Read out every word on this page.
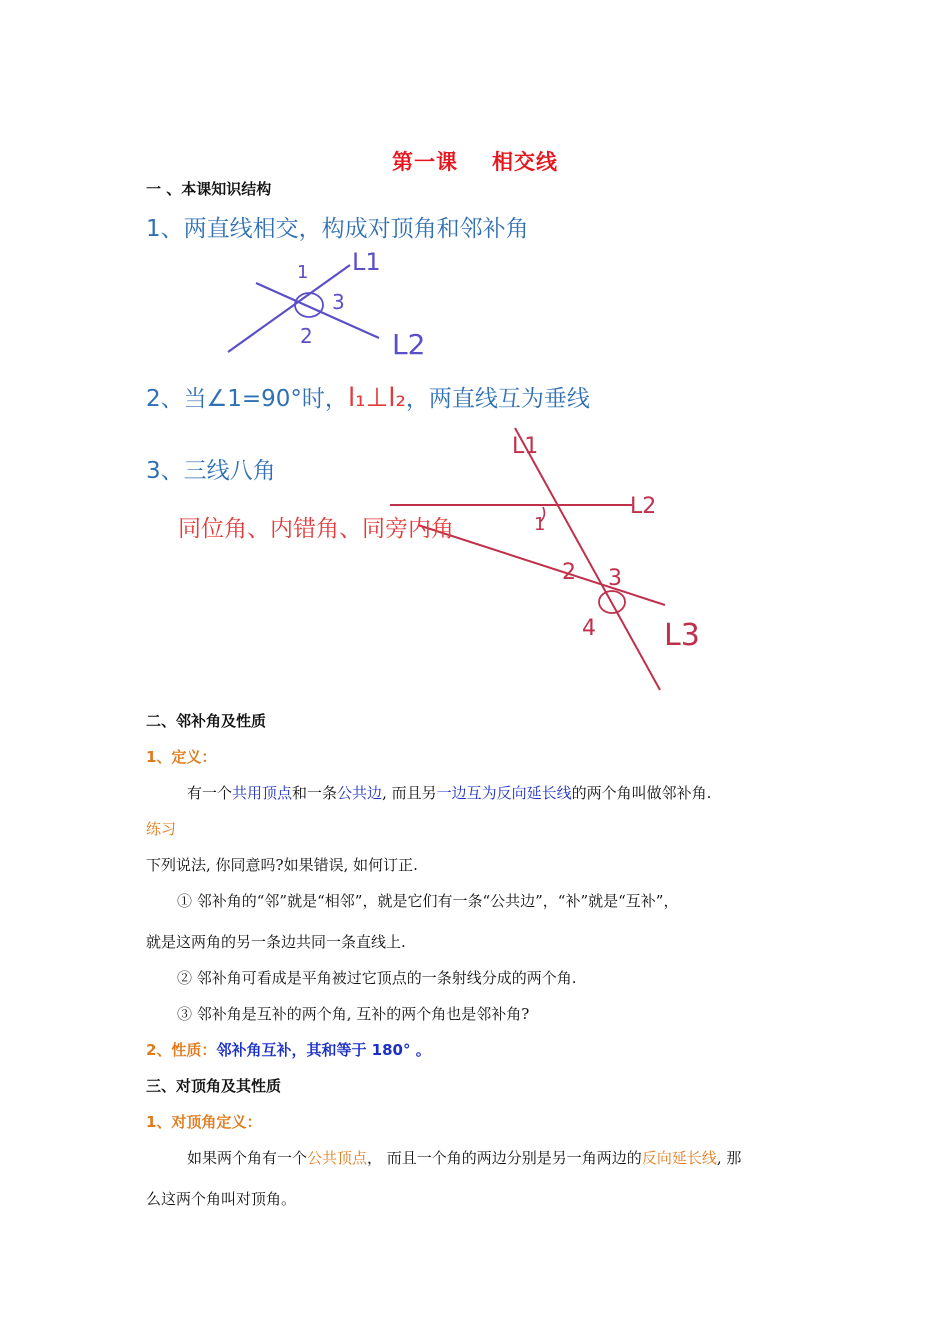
第一课 相交线
一 、本课知识结构
1、两直线相交，构成对顶角和邻补角
1
2
3
L1
L2
2、当∠1=90°时，l₁⊥l₂，两直线互为垂线
3、三线八角
同位角、内错角、同旁内角
L1
L2
L3
1
2 3
4
二、邻补角及性质
1、定义：
有一个共用顶点和一条公共边, 而且另一边互为反向延长线的两个角叫做邻补角.
练习
下列说法, 你同意吗?如果错误, 如何订正.
① 邻补角的“邻”就是“相邻”，就是它们有一条“公共边”，“补”就是“互补”，
就是这两角的另一条边共同一条直线上.
② 邻补角可看成是平角被过它顶点的一条射线分成的两个角.
③ 邻补角是互补的两个角, 互补的两个角也是邻补角?
2、性质：邻补角互补，其和等于 180° 。
三、对顶角及其性质
1、对顶角定义：
如果两个角有一个公共顶点， 而且一个角的两边分别是另一角两边的反向延长线, 那
么这两个角叫对顶角。
